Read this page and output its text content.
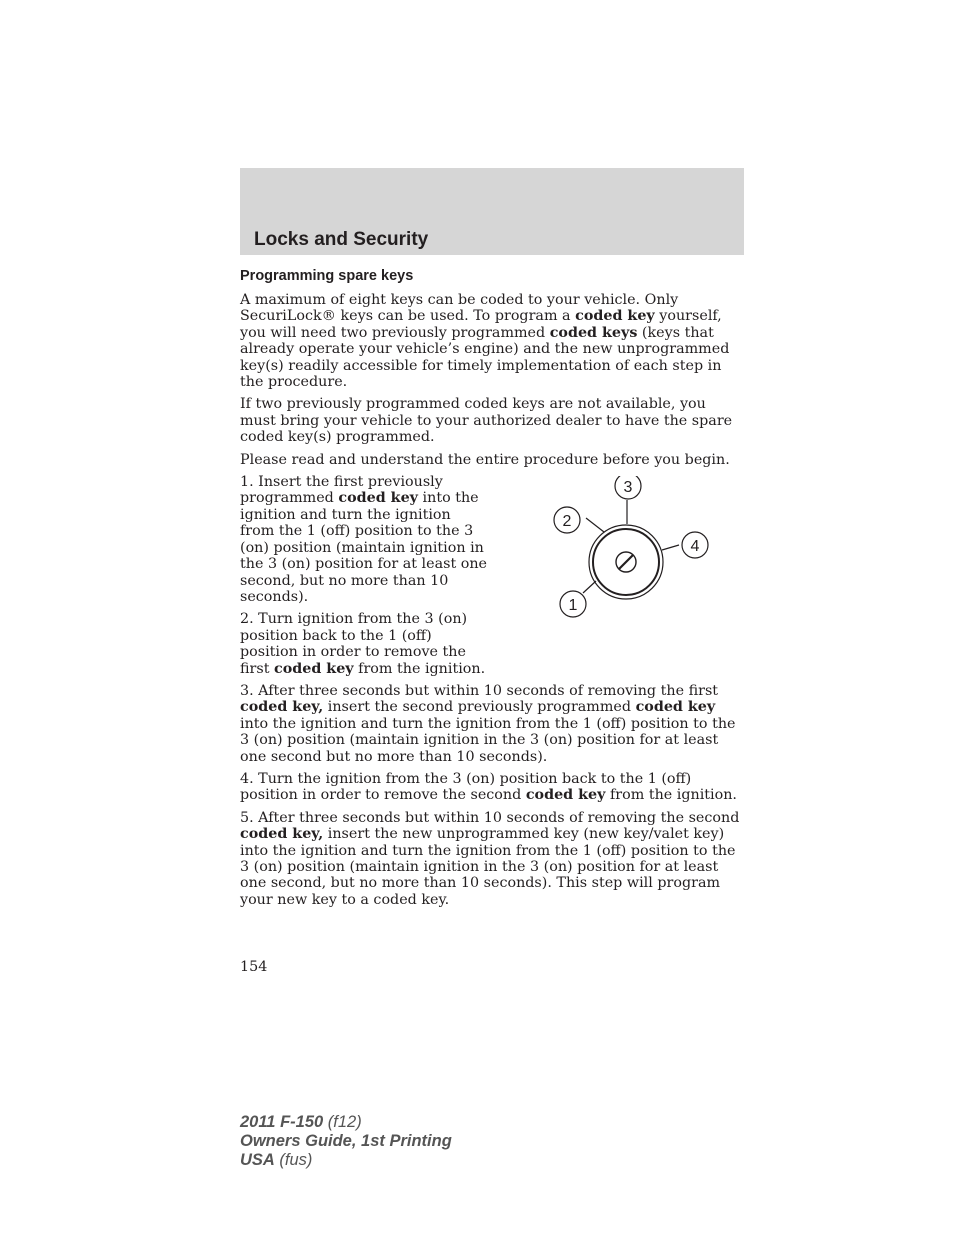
Locks and Security
Programming spare keys

A maximum of eight keys can be coded to your vehicle. Only SecuriLock® keys can be used. To program a coded key yourself, you will need two previously programmed coded keys (keys that already operate your vehicle’s engine) and the new unprogrammed key(s) readily accessible for timely implementation of each step in the procedure.

If two previously programmed coded keys are not available, you must bring your vehicle to your authorized dealer to have the spare coded key(s) programmed.

Please read and understand the entire procedure before you begin.

1. Insert the first previously programmed coded key into the ignition and turn the ignition from the 1 (off) position to the 3 (on) position (maintain ignition in the 3 (on) position for at least one second, but no more than 10 seconds).

2. Turn ignition from the 3 (on) position back to the 1 (off) position in order to remove the first coded key from the ignition.

3
2
4
1

3. After three seconds but within 10 seconds of removing the first coded key, insert the second previously programmed coded key into the ignition and turn the ignition from the 1 (off) position to the 3 (on) position (maintain ignition in the 3 (on) position for at least one second but no more than 10 seconds).

4. Turn the ignition from the 3 (on) position back to the 1 (off) position in order to remove the second coded key from the ignition.

5. After three seconds but within 10 seconds of removing the second coded key, insert the new unprogrammed key (new key/valet key) into the ignition and turn the ignition from the 1 (off) position to the 3 (on) position (maintain ignition in the 3 (on) position for at least one second, but no more than 10 seconds). This step will program your new key to a coded key.

154
2011 F-150 (f12)
Owners Guide, 1st Printing
USA (fus)
